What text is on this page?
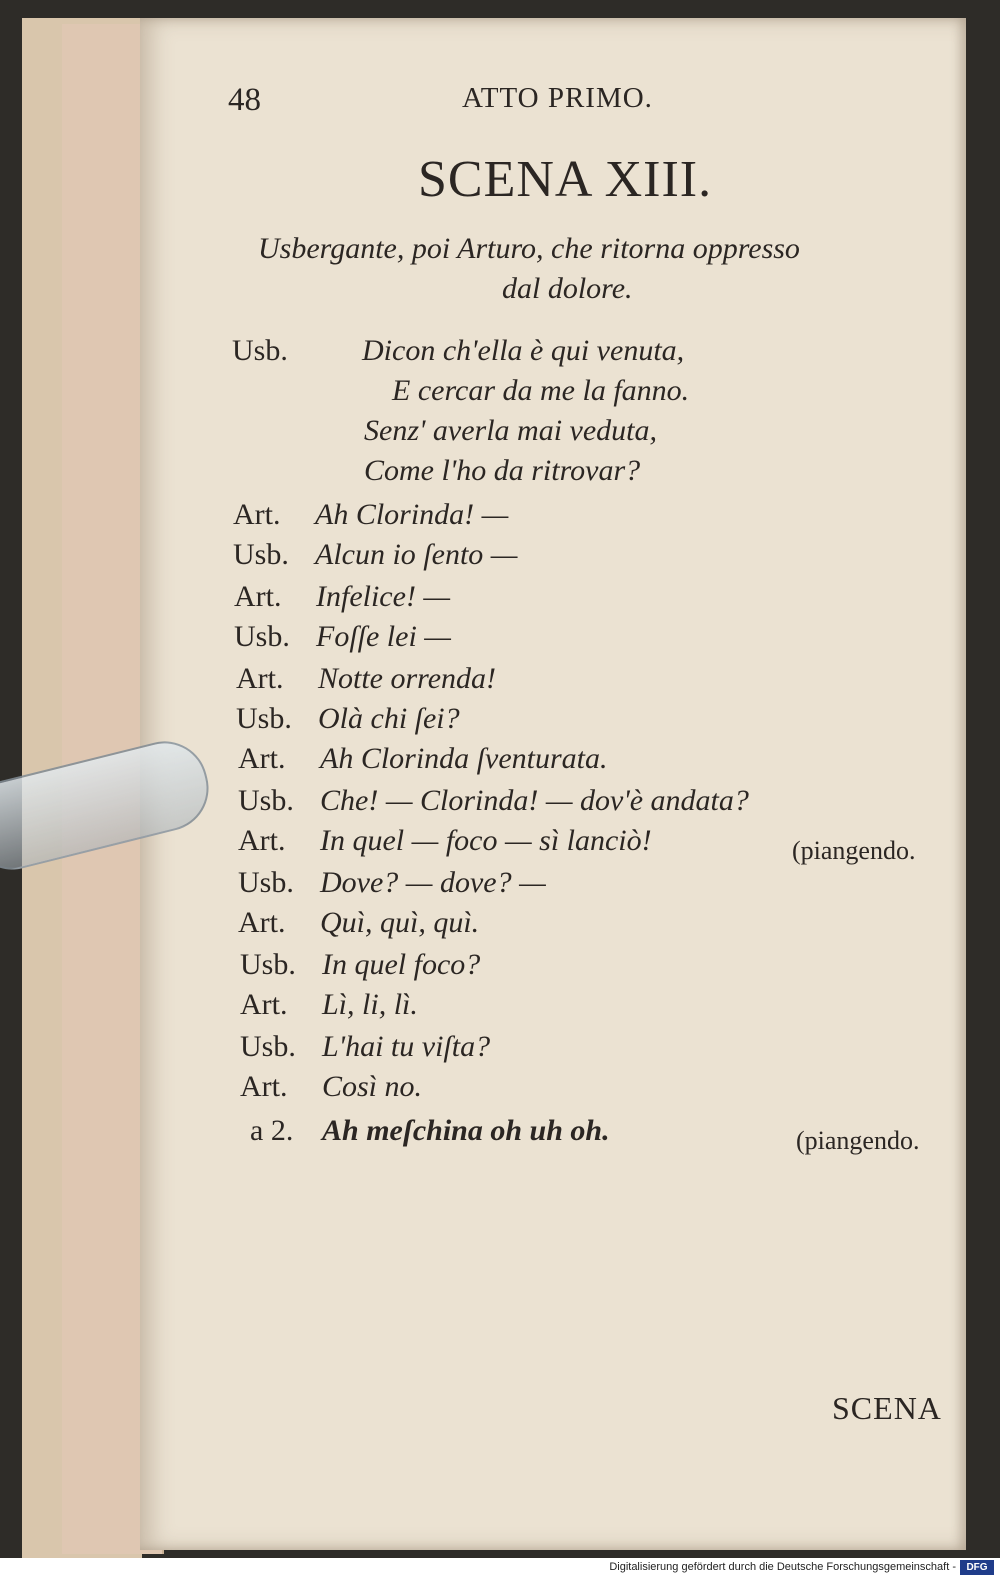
48	ATTO PRIMO.
SCENA XIII.
Usbergante, poi Arturo, che ritorna oppresso
dal dolore.
Usb. Dicon ch'ella è qui venuta,
E cercar da me la fanno.
Senz' averla mai veduta,
Come l'ho da ritrovar?
Art. Ah Clorinda! —
Usb. Alcun io ſento —
Art. Infelice! —
Usb. Foſſe lei —
Art. Notte orrenda!
Usb. Olà chi ſei?
Art. Ah Clorinda ſventurata.
Usb. Che! — Clorinda! — dov'è andata?
Art. In quel — foco — sì lanciò!
Usb. Dove? — dove? —
Art. Quì, quì, quì.
Usb. In quel foco?
Art. Lì, li, lì.
Usb. L'hai tu viſta?
Art. Così no.
a 2. Ah meſchina oh uh oh.
(piangendo.
(piangendo.
SCENA
Digitalisierung gefördert durch die Deutsche Forschungsgemeinschaft -	DFG
